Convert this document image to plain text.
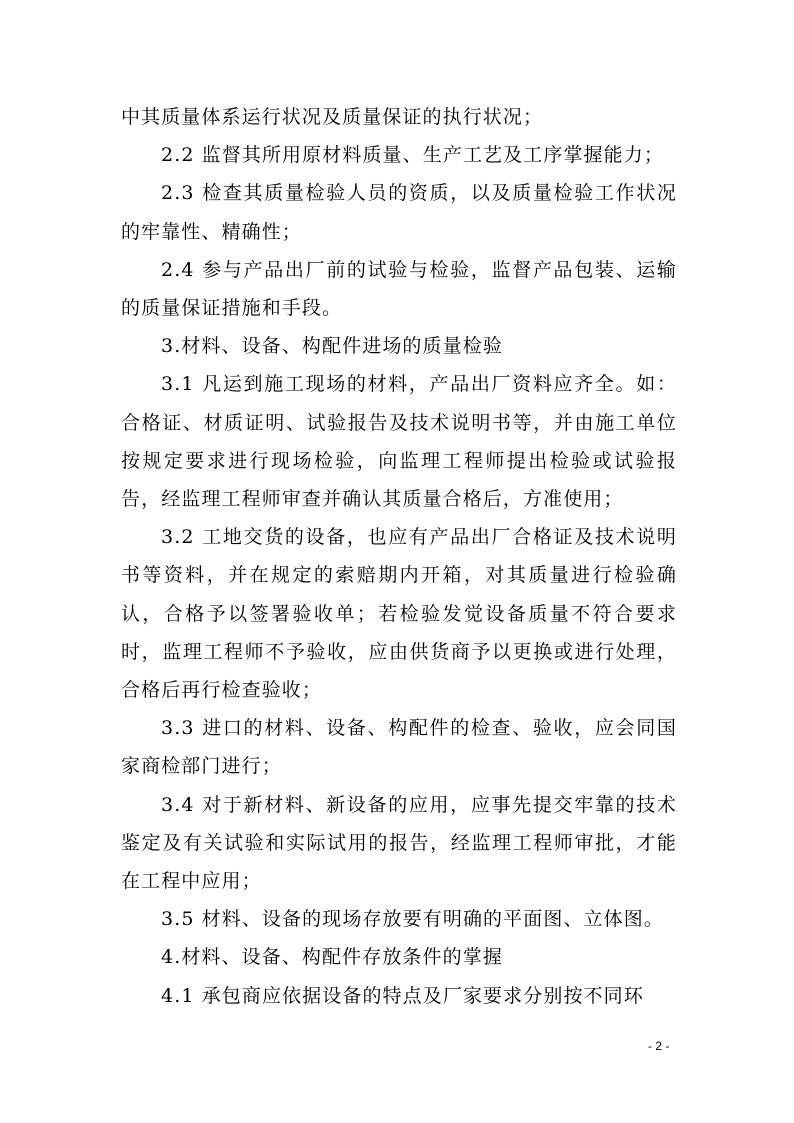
中其质量体系运行状况及质量保证的执行状况；

2.2 监督其所用原材料质量、生产工艺及工序掌握能力；

2.3 检查其质量检验人员的资质，以及质量检验工作状况的牢靠性、精确性；

2.4 参与产品出厂前的试验与检验，监督产品包装、运输的质量保证措施和手段。

3.材料、设备、构配件进场的质量检验

3.1 凡运到施工现场的材料，产品出厂资料应齐全。如：合格证、材质证明、试验报告及技术说明书等，并由施工单位按规定要求进行现场检验，向监理工程师提出检验或试验报告，经监理工程师审查并确认其质量合格后，方准使用；

3.2 工地交货的设备，也应有产品出厂合格证及技术说明书等资料，并在规定的索赔期内开箱，对其质量进行检验确认，合格予以签署验收单；若检验发觉设备质量不符合要求时，监理工程师不予验收，应由供货商予以更换或进行处理，合格后再行检查验收；

3.3 进口的材料、设备、构配件的检查、验收，应会同国家商检部门进行；

3.4 对于新材料、新设备的应用，应事先提交牢靠的技术鉴定及有关试验和实际试用的报告，经监理工程师审批，才能在工程中应用；

3.5 材料、设备的现场存放要有明确的平面图、立体图。

4.材料、设备、构配件存放条件的掌握

4.1 承包商应依据设备的特点及厂家要求分别按不同环

- 2 -
